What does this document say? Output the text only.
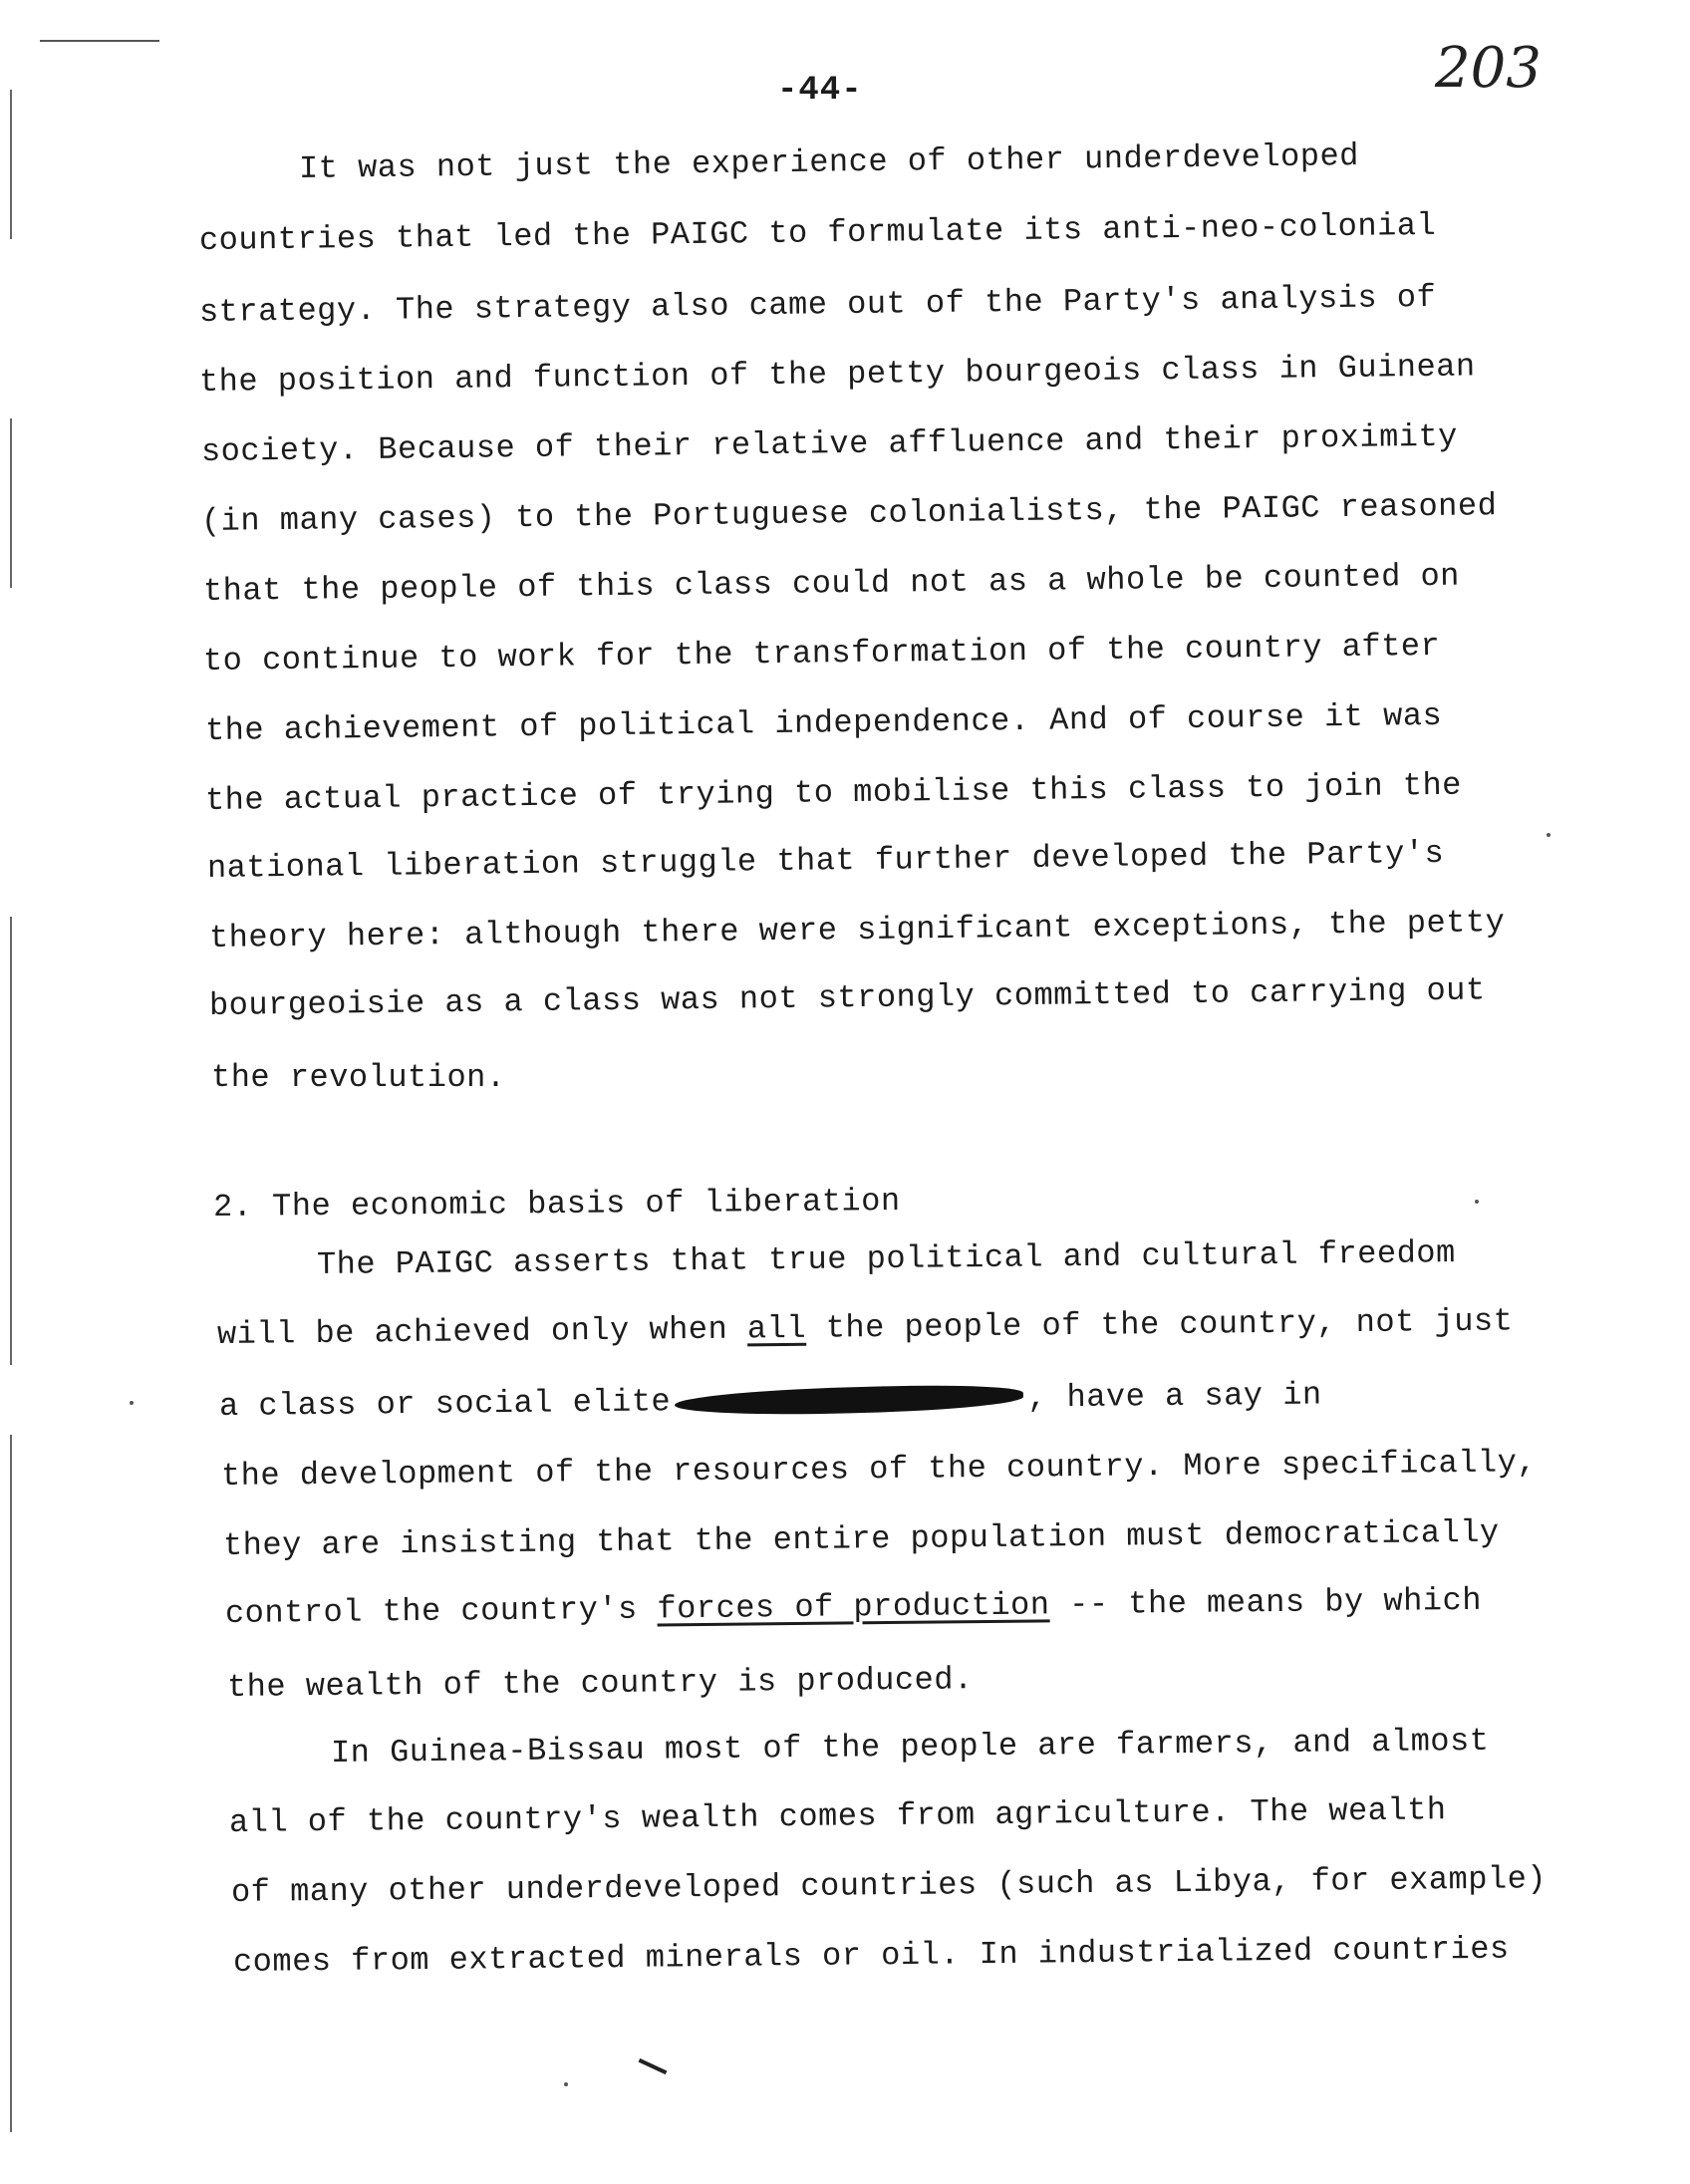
-44-	203
It was not just the experience of other underdeveloped
countries that led the PAIGC to formulate its anti-neo-colonial
strategy. The strategy also came out of the Party's analysis of
the position and function of the petty bourgeois class in Guinean
society. Because of their relative affluence and their proximity
(in many cases) to the Portuguese colonialists, the PAIGC reasoned
that the people of this class could not as a whole be counted on
to continue to work for the transformation of the country after
the achievement of political independence. And of course it was
the actual practice of trying to mobilise this class to join the
national liberation struggle that further developed the Party's
theory here: although there were significant exceptions, the petty
bourgeoisie as a class was not strongly committed to carrying out
the revolution.
2. The economic basis of liberation
The PAIGC asserts that true political and cultural freedom
will be achieved only when all the people of the country, not just
a class or social elite	, have a say in
the development of the resources of the country. More specifically,
they are insisting that the entire population must democratically
control the country's forces of production -- the means by which
the wealth of the country is produced.
In Guinea-Bissau most of the people are farmers, and almost
all of the country's wealth comes from agriculture. The wealth
of many other underdeveloped countries (such as Libya, for example)
comes from extracted minerals or oil. In industrialized countries
